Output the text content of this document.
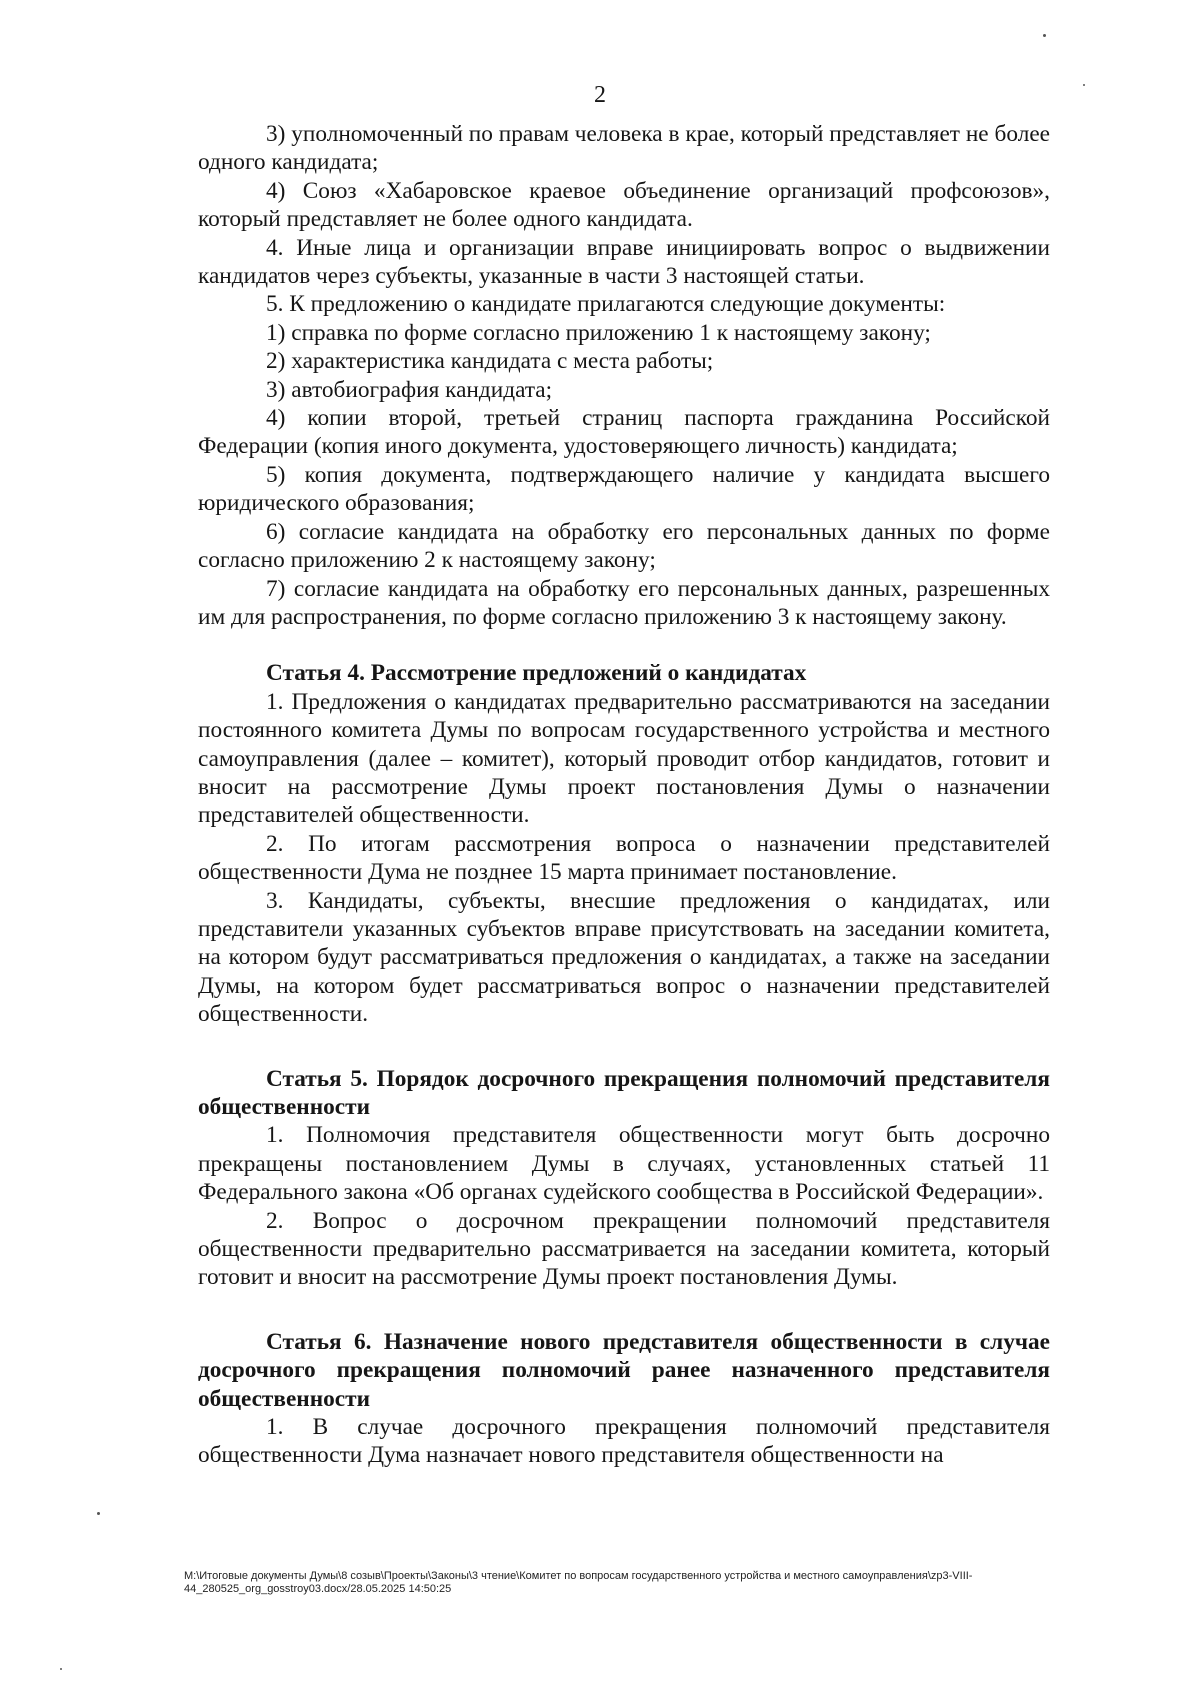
2

3) уполномоченный по правам человека в крае, который представляет не более одного кандидата;

4) Союз «Хабаровское краевое объединение организаций профсоюзов», который представляет не более одного кандидата.

4. Иные лица и организации вправе инициировать вопрос о выдвижении кандидатов через субъекты, указанные в части 3 настоящей статьи.

5. К предложению о кандидате прилагаются следующие документы:

1) справка по форме согласно приложению 1 к настоящему закону;

2) характеристика кандидата с места работы;

3) автобиография кандидата;

4) копии второй, третьей страниц паспорта гражданина Российской Федерации (копия иного документа, удостоверяющего личность) кандидата;

5) копия документа, подтверждающего наличие у кандидата высшего юридического образования;

6) согласие кандидата на обработку его персональных данных по форме согласно приложению 2 к настоящему закону;

7) согласие кандидата на обработку его персональных данных, разрешенных им для распространения, по форме согласно приложению 3 к настоящему закону.

Статья 4. Рассмотрение предложений о кандидатах

1. Предложения о кандидатах предварительно рассматриваются на заседании постоянного комитета Думы по вопросам государственного устройства и местного самоуправления (далее – комитет), который проводит отбор кандидатов, готовит и вносит на рассмотрение Думы проект постановления Думы о назначении представителей общественности.

2. По итогам рассмотрения вопроса о назначении представителей общественности Дума не позднее 15 марта принимает постановление.

3. Кандидаты, субъекты, внесшие предложения о кандидатах, или представители указанных субъектов вправе присутствовать на заседании комитета, на котором будут рассматриваться предложения о кандидатах, а также на заседании Думы, на котором будет рассматриваться вопрос о назначении представителей общественности.

Статья 5. Порядок досрочного прекращения полномочий представителя общественности

1. Полномочия представителя общественности могут быть досрочно прекращены постановлением Думы в случаях, установленных статьей 11 Федерального закона «Об органах судейского сообщества в Российской Федерации».

2. Вопрос о досрочном прекращении полномочий представителя общественности предварительно рассматривается на заседании комитета, который готовит и вносит на рассмотрение Думы проект постановления Думы.

Статья 6. Назначение нового представителя общественности в случае досрочного прекращения полномочий ранее назначенного представителя общественности

1. В случае досрочного прекращения полномочий представителя общественности Дума назначает нового представителя общественности на

M:\Итоговые документы Думы\8 созыв\Проекты\Законы\3 чтение\Комитет по вопросам государственного устройства и местного самоуправления\zp3-VIII-44_280525_org_gosstroy03.docx/28.05.2025 14:50:25
